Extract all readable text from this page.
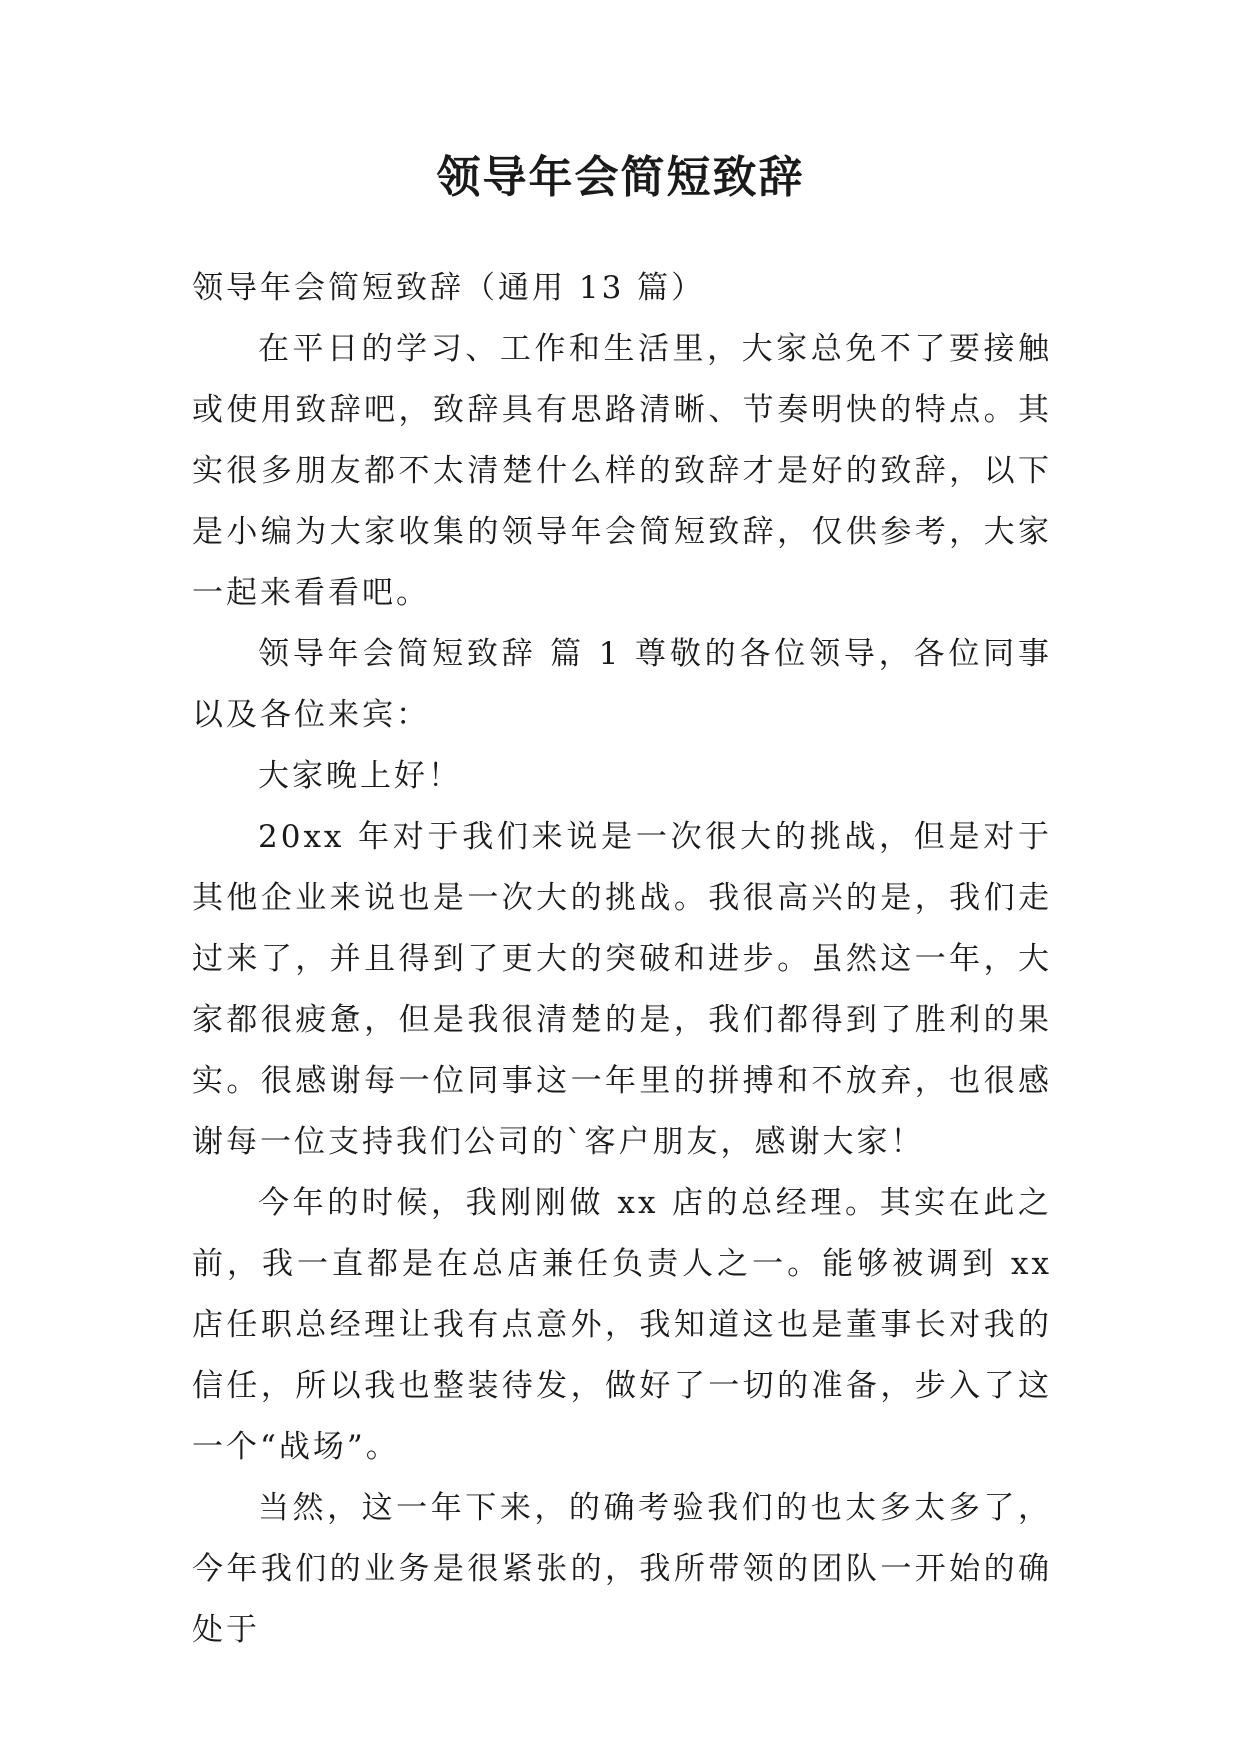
领导年会简短致辞

领导年会简短致辞（通用 13 篇）

在平日的学习、工作和生活里，大家总免不了要接触或使用致辞吧，致辞具有思路清晰、节奏明快的特点。其实很多朋友都不太清楚什么样的致辞才是好的致辞，以下是小编为大家收集的领导年会简短致辞，仅供参考，大家一起来看看吧。

领导年会简短致辞 篇 1 尊敬的各位领导，各位同事以及各位来宾：

大家晚上好！

20xx 年对于我们来说是一次很大的挑战，但是对于其他企业来说也是一次大的挑战。我很高兴的是，我们走过来了，并且得到了更大的突破和进步。虽然这一年，大家都很疲惫，但是我很清楚的是，我们都得到了胜利的果实。很感谢每一位同事这一年里的拼搏和不放弃，也很感谢每一位支持我们公司的`客户朋友，感谢大家！

今年的时候，我刚刚做 xx 店的总经理。其实在此之前，我一直都是在总店兼任负责人之一。能够被调到 xx 店任职总经理让我有点意外，我知道这也是董事长对我的信任，所以我也整装待发，做好了一切的准备，步入了这一个“战场”。

当然，这一年下来，的确考验我们的也太多太多了，今年我们的业务是很紧张的，我所带领的团队一开始的确处于
